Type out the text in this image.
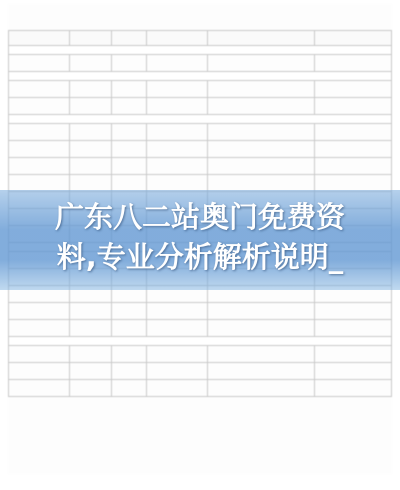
广东八二站奥门免费资
料,专业分析解析说明_
